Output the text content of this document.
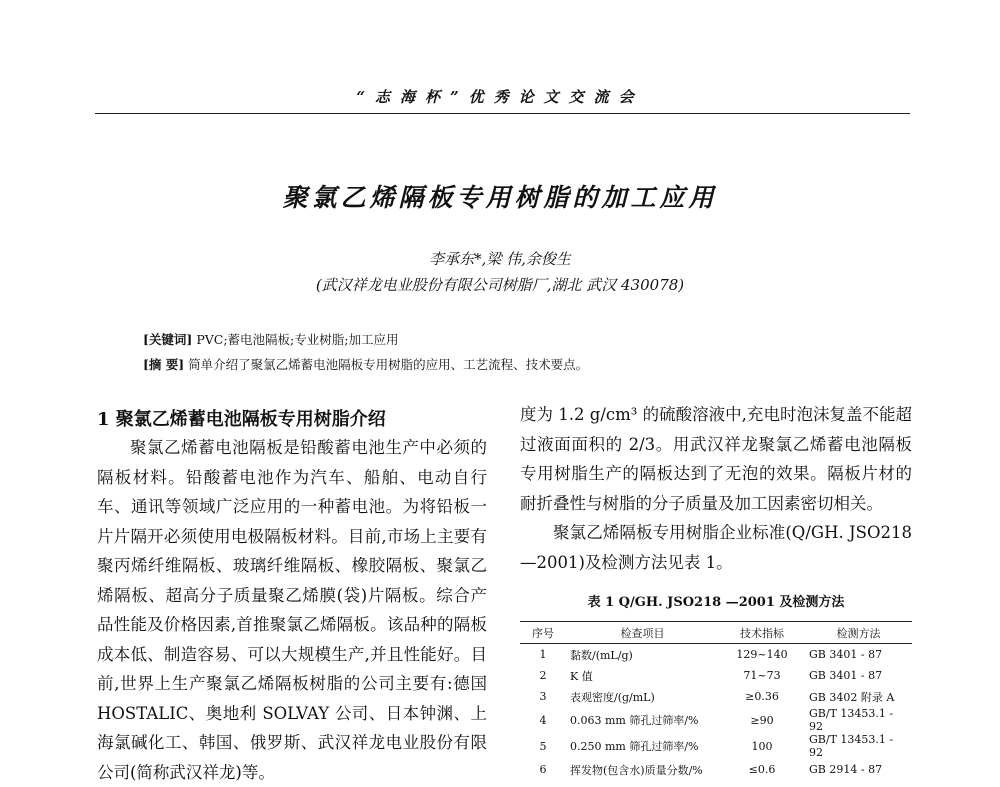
“志海杯”优秀论文交流会
聚氯乙烯隔板专用树脂的加工应用
李承东*,梁 伟,余俊生
(武汉祥龙电业股份有限公司树脂厂,湖北 武汉 430078)
[关键词] PVC;蓄电池隔板;专业树脂;加工应用
[摘 要] 简单介绍了聚氯乙烯蓄电池隔板专用树脂的应用、工艺流程、技术要点。
1 聚氯乙烯蓄电池隔板专用树脂介绍
聚氯乙烯蓄电池隔板是铅酸蓄电池生产中必须的隔板材料。铅酸蓄电池作为汽车、船舶、电动自行车、通讯等领域广泛应用的一种蓄电池。为将铅板一片片隔开必须使用电极隔板材料。目前,市场上主要有聚丙烯纤维隔板、玻璃纤维隔板、橡胶隔板、聚氯乙烯隔板、超高分子质量聚乙烯膜(袋)片隔板。综合产品性能及价格因素,首推聚氯乙烯隔板。该品种的隔板成本低、制造容易、可以大规模生产,并且性能好。目前,世界上生产聚氯乙烯隔板树脂的公司主要有:德国 HOSTALIC、奥地利 SOLVAY 公司、日本钟渊、上海氯碱化工、韩国、俄罗斯、武汉祥龙电业股份有限公司(简称武汉祥龙)等。

度为 1.2 g/cm³ 的硫酸溶液中,充电时泡沫复盖不能超过液面面积的 2/3。用武汉祥龙聚氯乙烯蓄电池隔板专用树脂生产的隔板达到了无泡的效果。隔板片材的耐折叠性与树脂的分子质量及加工因素密切相关。

聚氯乙烯隔板专用树脂企业标准(Q/GH. JSO218 —2001)及检测方法见表 1。

表 1 Q/GH. JSO218 —2001 及检测方法
序号	检查项目	技术指标	检测方法
1	黏数/(mL/g)	129~140	GB 3401 - 87
2	K 值	71~73	GB 3401 - 87
3	表观密度/(g/mL)	≥0.36	GB 3402 附录 A
4	0.063 mm 筛孔过筛率/%	≥90	GB/T 13453.1 - 92
5	0.250 mm 筛孔过筛率/%	100	GB/T 13453.1 - 92
6	挥发物(包含水)质量分数/%	≤0.6	GB 2914 - 87
